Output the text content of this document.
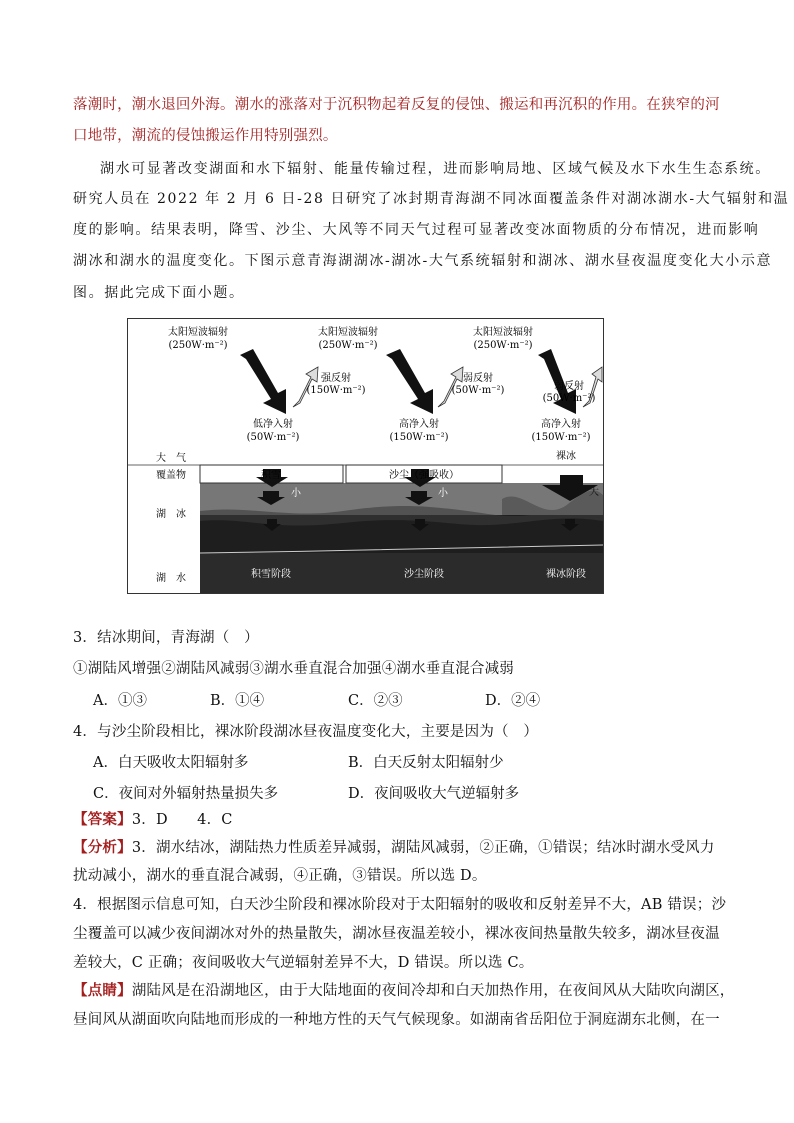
落潮时，潮水退回外海。潮水的涨落对于沉积物起着反复的侵蚀、搬运和再沉积的作用。在狭窄的河
口地带，潮流的侵蚀搬运作用特别强烈。
湖水可显著改变湖面和水下辐射、能量传输过程，进而影响局地、区域气候及水下水生生态系统。
研究人员在 2022 年 2 月 6 日-28 日研究了冰封期青海湖不同冰面覆盖条件对湖冰湖水-大气辐射和温
度的影响。结果表明，降雪、沙尘、大风等不同天气过程可显著改变冰面物质的分布情况，进而影响
湖冰和湖水的温度变化。下图示意青海湖湖冰-湖冰-大气系统辐射和湖冰、湖水昼夜温度变化大小示意
图。据此完成下面小题。
太阳短波辐射
(250W·m⁻²)
强反射
(150W·m⁻²)
低净入射
(50W·m⁻²)
积雪
小
积雪阶段
太阳短波辐射
(250W·m⁻²)
弱反射
(50W·m⁻²)
高净入射
(150W·m⁻²)
沙尘（强吸收）
小
沙尘阶段
太阳短波辐射
(250W·m⁻²)
弱反射
(50W·m⁻²)
高净入射
(150W·m⁻²)
裸冰
大
裸冰阶段
大　气
覆盖物
湖　冰
湖　水
3．结冰期间，青海湖（　）
①湖陆风增强②湖陆风减弱③湖水垂直混合加强④湖水垂直混合减弱
A．①③	B．①④	C．②③	D．②④
4．与沙尘阶段相比，裸冰阶段湖冰昼夜温度变化大，主要是因为（　）
A．白天吸收太阳辐射多	B．白天反射太阳辐射少
C．夜间对外辐射热量损失多	D．夜间吸收大气逆辐射多
【答案】3．D　　4．C
【分析】3．湖水结冰，湖陆热力性质差异减弱，湖陆风减弱，②正确，①错误；结冰时湖水受风力
扰动减小，湖水的垂直混合减弱，④正确，③错误。所以选 D。
4．根据图示信息可知，白天沙尘阶段和裸冰阶段对于太阳辐射的吸收和反射差异不大，AB 错误；沙
尘覆盖可以减少夜间湖冰对外的热量散失，湖冰昼夜温差较小，裸冰夜间热量散失较多，湖冰昼夜温
差较大，C 正确；夜间吸收大气逆辐射差异不大，D 错误。所以选 C。
【点睛】湖陆风是在沿湖地区，由于大陆地面的夜间冷却和白天加热作用，在夜间风从大陆吹向湖区，
昼间风从湖面吹向陆地而形成的一种地方性的天气气候现象。如湖南省岳阳位于洞庭湖东北侧，在一
